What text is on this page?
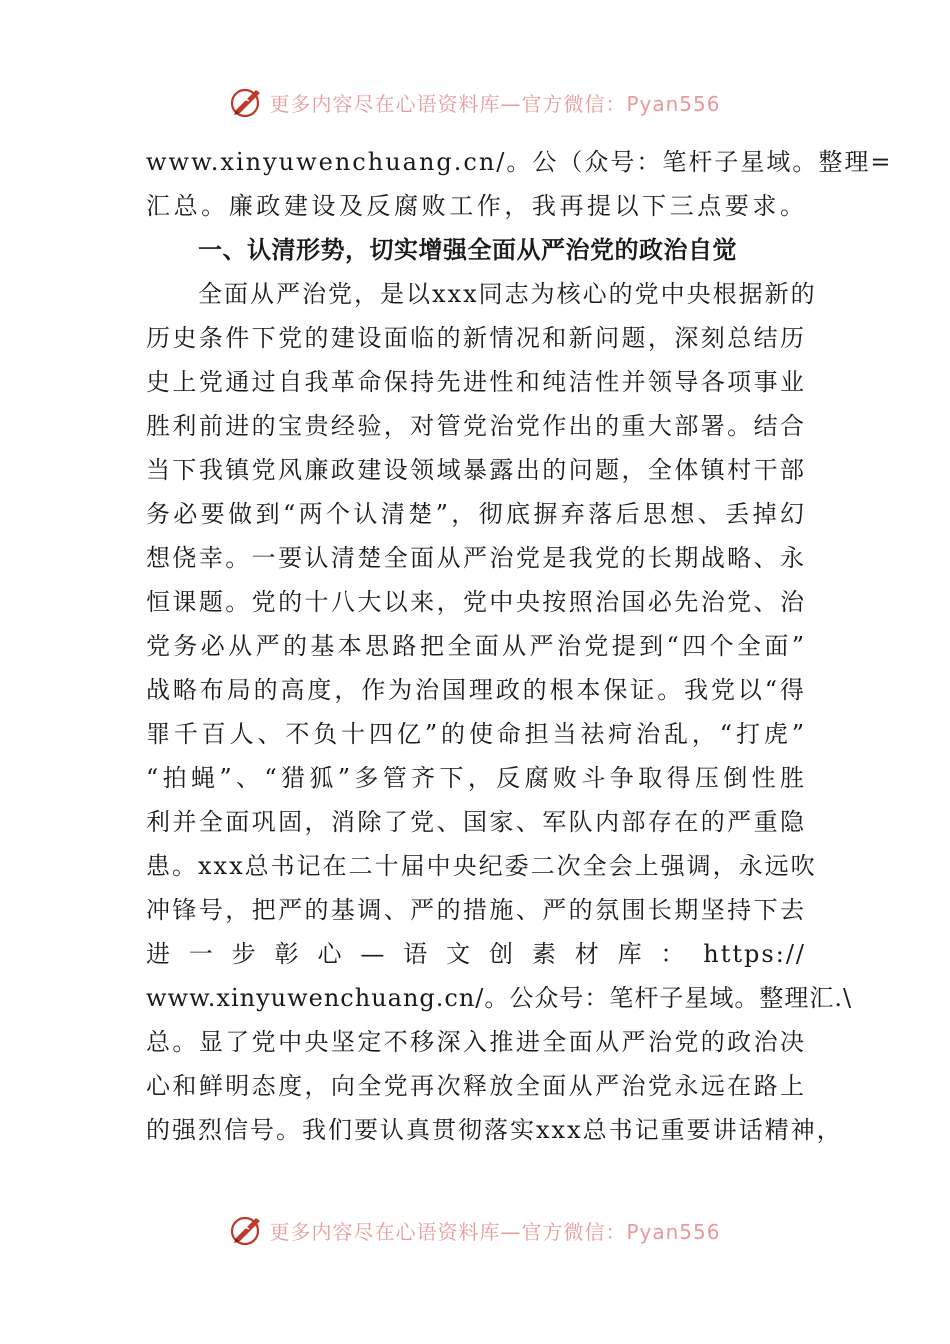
更多内容尽在心语资料库—官方微信：Pyan556
www.xinyuwenchuang.cn/。公（众号：笔杆子星域。整理=
汇总。廉政建设及反腐败工作，我再提以下三点要求。
一、认清形势，切实增强全面从严治党的政治自觉
全面从严治党，是以xxx同志为核心的党中央根据新的
历史条件下党的建设面临的新情况和新问题，深刻总结历
史上党通过自我革命保持先进性和纯洁性并领导各项事业
胜利前进的宝贵经验，对管党治党作出的重大部署。结合
当下我镇党风廉政建设领域暴露出的问题，全体镇村干部
务必要做到“两个认清楚”，彻底摒弃落后思想、丢掉幻
想侥幸。一要认清楚全面从严治党是我党的长期战略、永
恒课题。党的十八大以来，党中央按照治国必先治党、治
党务必从严的基本思路把全面从严治党提到“四个全面”
战略布局的高度，作为治国理政的根本保证。我党以“得
罪千百人、不负十四亿”的使命担当祛疴治乱，“打虎”
“拍蝇”、“猎狐”多管齐下，反腐败斗争取得压倒性胜
利并全面巩固，消除了党、国家、军队内部存在的严重隐
患。xxx总书记在二十届中央纪委二次全会上强调，永远吹
冲锋号，把严的基调、严的措施、严的氛围长期坚持下去
进一步彰心—语文创素材库：https://
www.xinyuwenchuang.cn/。公众号：笔杆子星域。整理汇.\
总。显了党中央坚定不移深入推进全面从严治党的政治决
心和鲜明态度，向全党再次释放全面从严治党永远在路上
的强烈信号。我们要认真贯彻落实xxx总书记重要讲话精神，
更多内容尽在心语资料库—官方微信：Pyan556
